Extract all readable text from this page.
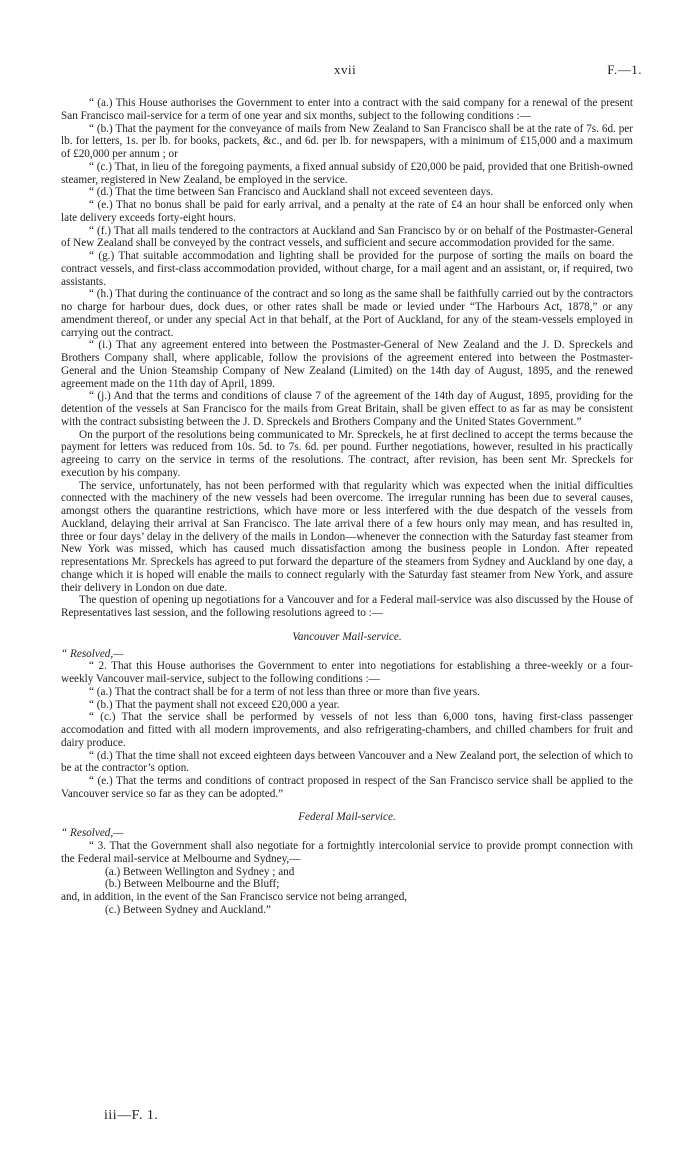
xvii	F.—1.

“ (a.) This House authorises the Government to enter into a contract with the said company for a renewal of the present San Francisco mail-service for a term of one year and six months, subject to the following conditions :—

“ (b.) That the payment for the conveyance of mails from New Zealand to San Francisco shall be at the rate of 7s. 6d. per lb. for letters, 1s. per lb. for books, packets, &c., and 6d. per lb. for newspapers, with a minimum of £15,000 and a maximum of £20,000 per annum ; or

“ (c.) That, in lieu of the foregoing payments, a fixed annual subsidy of £20,000 be paid, provided that one British-owned steamer, registered in New Zealand, be employed in the service.

“ (d.) That the time between San Francisco and Auckland shall not exceed seventeen days.

“ (e.) That no bonus shall be paid for early arrival, and a penalty at the rate of £4 an hour shall be enforced only when late delivery exceeds forty-eight hours.

“ (f.) That all mails tendered to the contractors at Auckland and San Francisco by or on behalf of the Postmaster-General of New Zealand shall be conveyed by the contract vessels, and sufficient and secure accommodation provided for the same.

“ (g.) That suitable accommodation and lighting shall be provided for the purpose of sorting the mails on board the contract vessels, and first-class accommodation provided, without charge, for a mail agent and an assistant, or, if required, two assistants.

“ (h.) That during the continuance of the contract and so long as the same shall be faithfully carried out by the contractors no charge for harbour dues, dock dues, or other rates shall be made or levied under “The Harbours Act, 1878,” or any amendment thereof, or under any special Act in that behalf, at the Port of Auckland, for any of the steam-vessels employed in carrying out the contract.

“ (i.) That any agreement entered into between the Postmaster-General of New Zealand and the J. D. Spreckels and Brothers Company shall, where applicable, follow the provisions of the agreement entered into between the Postmaster-General and the Union Steamship Company of New Zealand (Limited) on the 14th day of August, 1895, and the renewed agreement made on the 11th day of April, 1899.

“ (j.) And that the terms and conditions of clause 7 of the agreement of the 14th day of August, 1895, providing for the detention of the vessels at San Francisco for the mails from Great Britain, shall be given effect to as far as may be consistent with the contract subsisting between the J. D. Spreckels and Brothers Company and the United States Government.”

On the purport of the resolutions being communicated to Mr. Spreckels, he at first declined to accept the terms because the payment for letters was reduced from 10s. 5d. to 7s. 6d. per pound. Further negotiations, however, resulted in his practically agreeing to carry on the service in terms of the resolutions. The contract, after revision, has been sent Mr. Spreckels for execution by his company.

The service, unfortunately, has not been performed with that regularity which was expected when the initial difficulties connected with the machinery of the new vessels had been overcome. The irregular running has been due to several causes, amongst others the quarantine restrictions, which have more or less interfered with the due despatch of the vessels from Auckland, delaying their arrival at San Francisco. The late arrival there of a few hours only may mean, and has resulted in, three or four days’ delay in the delivery of the mails in London—whenever the connection with the Saturday fast steamer from New York was missed, which has caused much dissatisfaction among the business people in London. After repeated representations Mr. Spreckels has agreed to put forward the departure of the steamers from Sydney and Auckland by one day, a change which it is hoped will enable the mails to connect regularly with the Saturday fast steamer from New York, and assure their delivery in London on due date.

The question of opening up negotiations for a Vancouver and for a Federal mail-service was also discussed by the House of Representatives last session, and the following resolutions agreed to :—

Vancouver Mail-service.

“ Resolved,—

“ 2. That this House authorises the Government to enter into negotiations for establishing a three-weekly or a four-weekly Vancouver mail-service, subject to the following conditions :—

“ (a.) That the contract shall be for a term of not less than three or more than five years.

“ (b.) That the payment shall not exceed £20,000 a year.

“ (c.) That the service shall be performed by vessels of not less than 6,000 tons, having first-class passenger accomodation and fitted with all modern improvements, and also refrigerating-chambers, and chilled chambers for fruit and dairy produce.

“ (d.) That the time shall not exceed eighteen days between Vancouver and a New Zealand port, the selection of which to be at the contractor’s option.

“ (e.) That the terms and conditions of contract proposed in respect of the San Francisco service shall be applied to the Vancouver service so far as they can be adopted.”

Federal Mail-service.

“ Resolved,—

“ 3. That the Government shall also negotiate for a fortnightly intercolonial service to provide prompt connection with the Federal mail-service at Melbourne and Sydney,—

(a.) Between Wellington and Sydney ; and

(b.) Between Melbourne and the Bluff;

and, in addition, in the event of the San Francisco service not being arranged,

(c.) Between Sydney and Auckland.”

iii—F. 1.
